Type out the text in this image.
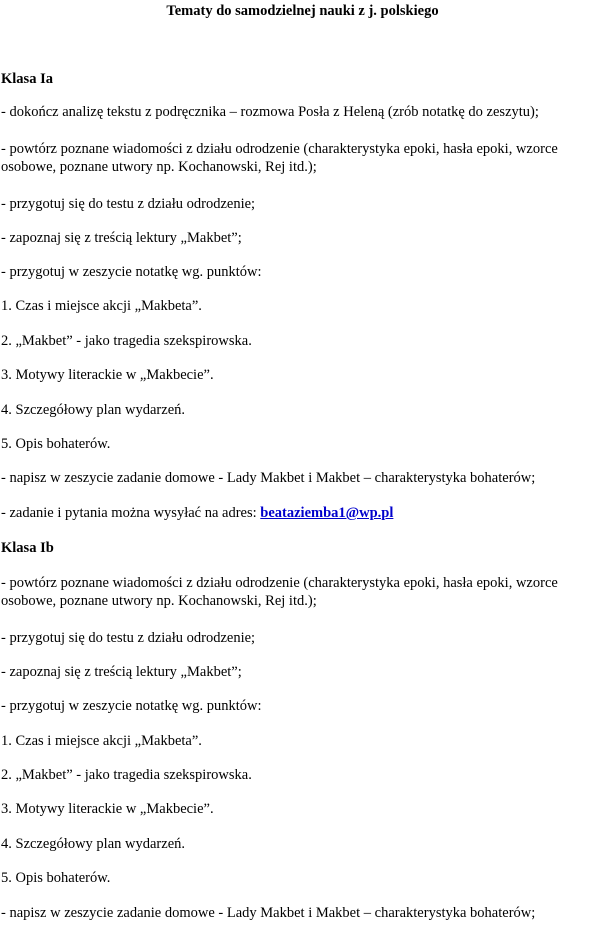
Tematy do samodzielnej nauki z j. polskiego
Klasa Ia
- dokończ analizę tekstu z podręcznika – rozmowa Posła z Heleną (zrób notatkę do zeszytu);
- powtórz poznane wiadomości z działu odrodzenie (charakterystyka epoki, hasła epoki, wzorce osobowe, poznane utwory np. Kochanowski, Rej itd.);
- przygotuj się do testu z działu odrodzenie;
- zapoznaj się z treścią lektury „Makbet”;
- przygotuj w zeszycie notatkę wg. punktów:
1. Czas i miejsce akcji „Makbeta”.
2. „Makbet” - jako tragedia szekspirowska.
3. Motywy literackie w „Makbecie”.
4. Szczegółowy plan wydarzeń.
5. Opis bohaterów.
- napisz w zeszycie zadanie domowe - Lady Makbet i Makbet – charakterystyka bohaterów;
- zadanie i pytania można wysyłać na adres: beataziemba1@wp.pl
Klasa Ib
- powtórz poznane wiadomości z działu odrodzenie (charakterystyka epoki, hasła epoki, wzorce osobowe, poznane utwory np. Kochanowski, Rej itd.);
- przygotuj się do testu z działu odrodzenie;
- zapoznaj się z treścią lektury „Makbet”;
- przygotuj w zeszycie notatkę wg. punktów:
1. Czas i miejsce akcji „Makbeta”.
2. „Makbet” - jako tragedia szekspirowska.
3. Motywy literackie w „Makbecie”.
4. Szczegółowy plan wydarzeń.
5. Opis bohaterów.
- napisz w zeszycie zadanie domowe - Lady Makbet i Makbet – charakterystyka bohaterów;
